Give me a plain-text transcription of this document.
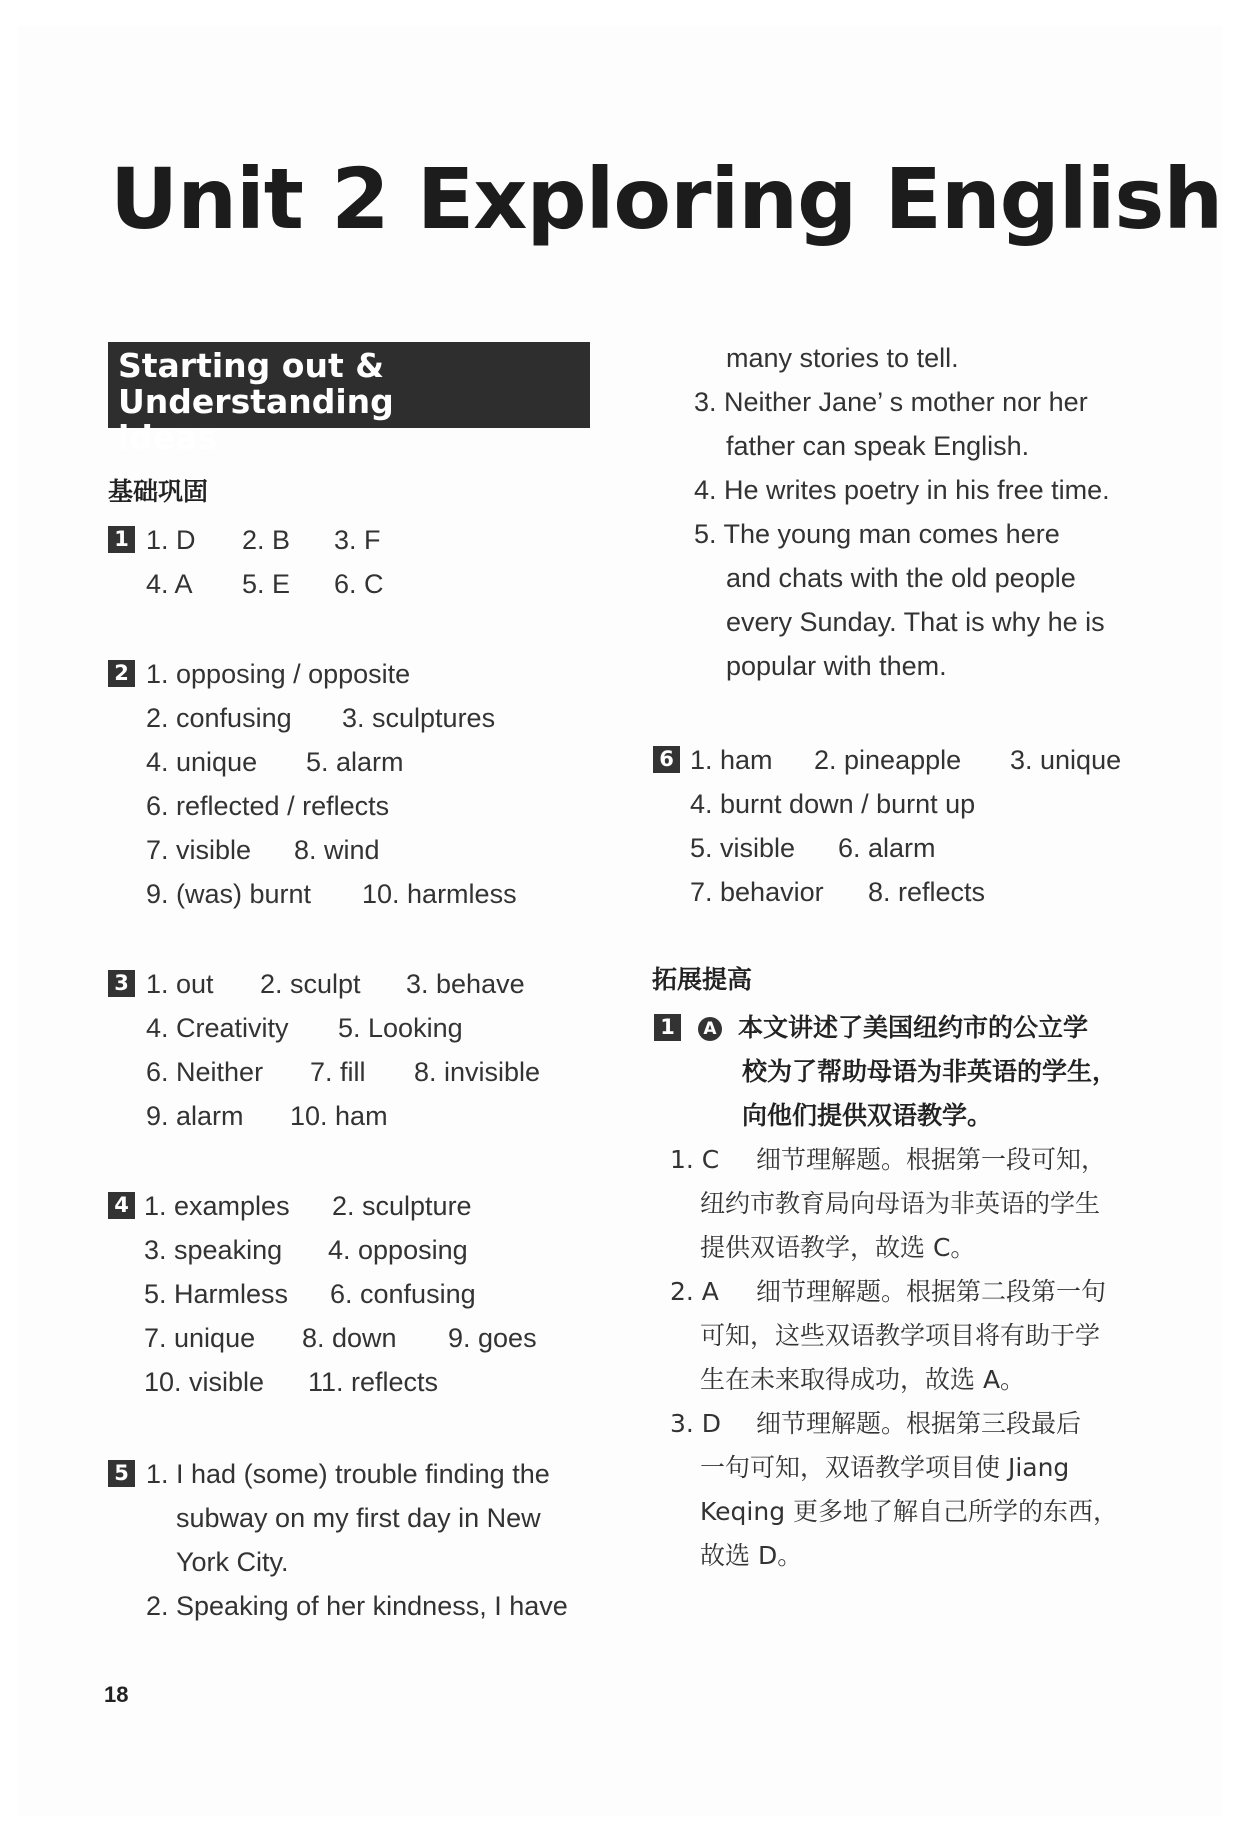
Unit 2 Exploring English
Starting out & Understanding
ideas
基础巩固
1 1. D 2. B 3. F
4. A 5. E 6. C
2 1. opposing / opposite
2. confusing 3. sculptures
4. unique 5. alarm
6. reflected / reflects
7. visible 8. wind
9. (was) burnt 10. harmless
3 1. out 2. sculpt 3. behave
4. Creativity 5. Looking
6. Neither 7. fill 8. invisible
9. alarm 10. ham
4 1. examples 2. sculpture
3. speaking 4. opposing
5. Harmless 6. confusing
7. unique 8. down 9. goes
10. visible 11. reflects
5 1. I had (some) trouble finding the
subway on my first day in New
York City.
2. Speaking of her kindness, I have
many stories to tell.
3. Neither Jane’ s mother nor her
father can speak English.
4. He writes poetry in his free time.
5. The young man comes here
and chats with the old people
every Sunday. That is why he is
popular with them.
6 1. ham 2. pineapple 3. unique
4. burnt down / burnt up
5. visible 6. alarm
7. behavior 8. reflects
拓展提高
1	A 本文讲述了美国纽约市的公立学
校为了帮助母语为非英语的学生，
向他们提供双语教学。
1. C 细节理解题。根据第一段可知，
纽约市教育局向母语为非英语的学生
提供双语教学，故选 C。
2. A 细节理解题。根据第二段第一句
可知，这些双语教学项目将有助于学
生在未来取得成功，故选 A。
3. D 细节理解题。根据第三段最后
一句可知，双语教学项目使 Jiang
Keqing 更多地了解自己所学的东西，
故选 D。
18
